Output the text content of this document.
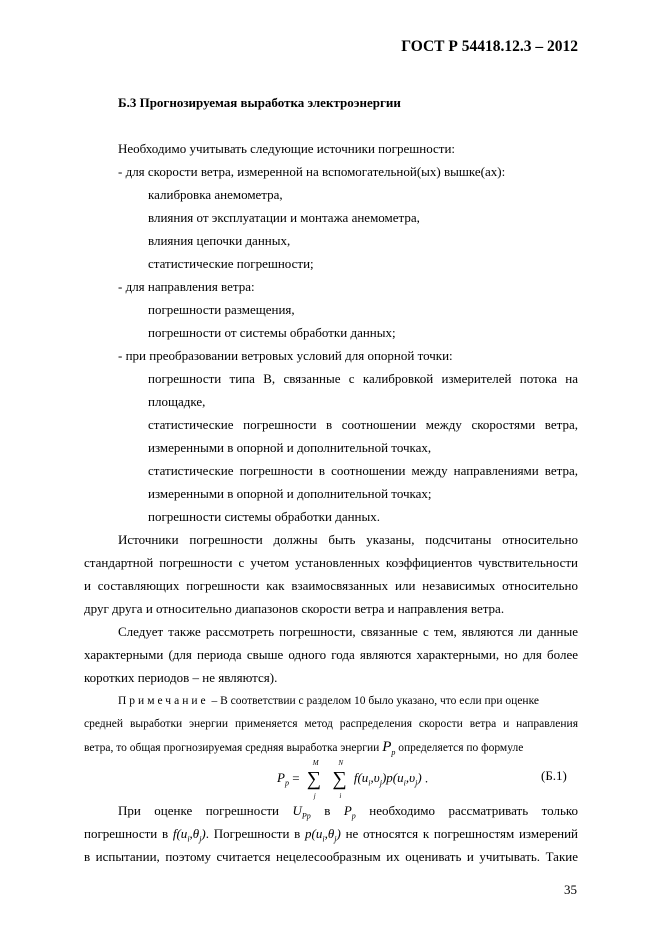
ГОСТ Р 54418.12.3 – 2012
Б.3 Прогнозируемая выработка электроэнергии
Необходимо учитывать следующие источники погрешности:
- для скорости ветра, измеренной на вспомогательной(ых) вышке(ах):
калибровка анемометра,
влияния от эксплуатации и монтажа анемометра,
влияния цепочки данных,
статистические погрешности;
- для направления ветра:
погрешности размещения,
погрешности от системы обработки данных;
- при преобразовании ветровых условий для опорной точки:
погрешности типа В, связанные с калибровкой измерителей потока на
площадке,
статистические погрешности в соотношении между скоростями ветра,
измеренными в опорной и дополнительной точках,
статистические погрешности в соотношении между направлениями ветра,
измеренными в опорной и дополнительной точках;
погрешности системы обработки данных.
Источники погрешности должны быть указаны, подсчитаны относительно
стандартной погрешности с учетом установленных коэффициентов чувствительности
и составляющих погрешности как взаимосвязанных или независимых относительно
друг друга и относительно диапазонов скорости ветра и направления ветра.
Следует также рассмотреть погрешности, связанные с тем, являются ли данные
характерными (для периода свыше одного года являются характерными, но для более
коротких периодов – не являются).
Примечание – В соответствии с разделом 10 было указано, что если при оценке
средней выработки энергии применяется метод распределения скорости ветра и направления
ветра, то общая прогнозируемая средняя выработка энергии $P_p$ определяется по формуле
$P_p$ = ∑
M
j
∑
N
i
$f(u_i,\upsilon_j)p(u_i,\upsilon_j)$ .	(Б.1)
При оценке погрешности $U_{Pp}$ в $P_p$ необходимо рассматривать только
погрешности в $f(u_i,\theta_j)$. Погрешности в $p(u_i,\theta_j)$ не относятся к погрешностям измерений
в испытании, поэтому считается нецелесообразным их оценивать и учитывать. Такие
35
